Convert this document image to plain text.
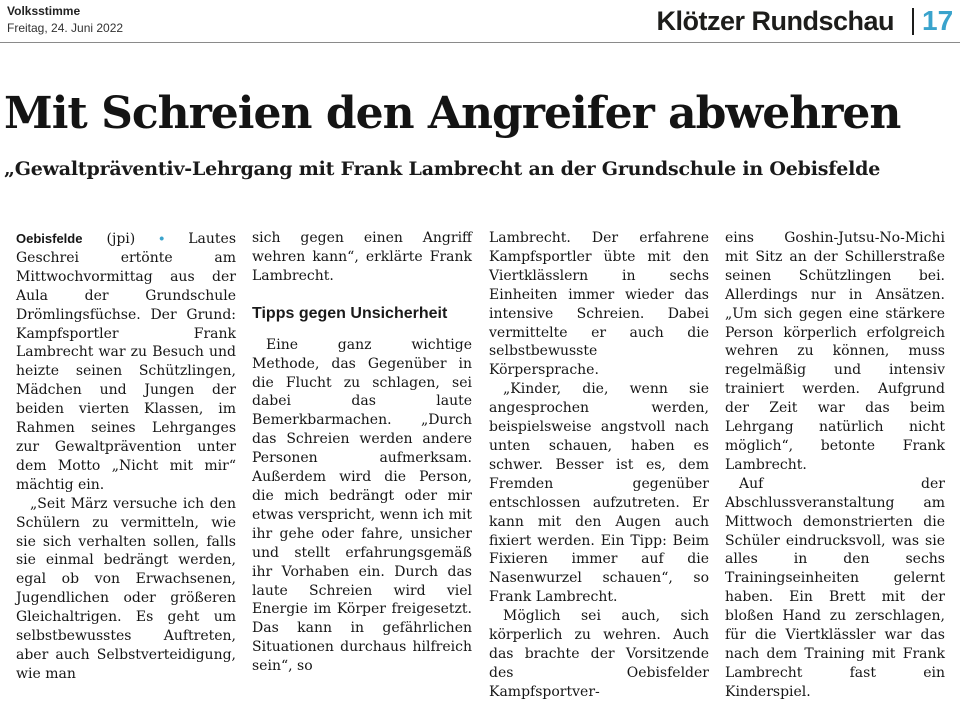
Volksstimme
Freitag, 24. Juni 2022	Klötzer Rundschau 17
Mit Schreien den Angreifer abwehren
„Gewaltpräventiv-Lehrgang mit Frank Lambrecht an der Grundschule in Oebisfelde

Oebisfelde (jpi) • Lautes Geschrei ertönte am Mittwochvormittag aus der Aula der Grundschule Drömlingsfüchse. Der Grund: Kampfsportler Frank Lambrecht war zu Besuch und heizte seinen Schützlingen, Mädchen und Jungen der beiden vierten Klassen, im Rahmen seines Lehrganges zur Gewaltprävention unter dem Motto „Nicht mit mir“ mächtig ein.

„Seit März versuche ich den Schülern zu vermitteln, wie sie sich verhalten sollen, falls sie einmal bedrängt werden, egal ob von Erwachsenen, Jugendlichen oder größeren Gleichaltrigen. Es geht um selbstbewusstes Auftreten, aber auch Selbstverteidigung, wie man

sich gegen einen Angriff wehren kann“, erklärte Frank Lambrecht.

Tipps gegen Unsicherheit

Eine ganz wichtige Methode, das Gegenüber in die Flucht zu schlagen, sei dabei das laute Bemerkbarmachen. „Durch das Schreien werden andere Personen aufmerksam. Außerdem wird die Person, die mich bedrängt oder mir etwas verspricht, wenn ich mit ihr gehe oder fahre, unsicher und stellt erfahrungsgemäß ihr Vorhaben ein. Durch das laute Schreien wird viel Energie im Körper freigesetzt. Das kann in gefährlichen Situationen durchaus hilfreich sein“, so

Lambrecht. Der erfahrene Kampfsportler übte mit den Viertklässlern in sechs Einheiten immer wieder das intensive Schreien. Dabei vermittelte er auch die selbstbewusste Körpersprache.

„Kinder, die, wenn sie angesprochen werden, beispielsweise angstvoll nach unten schauen, haben es schwer. Besser ist es, dem Fremden gegenüber entschlossen aufzutreten. Er kann mit den Augen auch fixiert werden. Ein Tipp: Beim Fixieren immer auf die Nasenwurzel schauen“, so Frank Lambrecht.

Möglich sei auch, sich körperlich zu wehren. Auch das brachte der Vorsitzende des Oebisfelder Kampfsportver-

eins Goshin-Jutsu-No-Michi mit Sitz an der Schillerstraße seinen Schützlingen bei. Allerdings nur in Ansätzen. „Um sich gegen eine stärkere Person körperlich erfolgreich wehren zu können, muss regelmäßig und intensiv trainiert werden. Aufgrund der Zeit war das beim Lehrgang natürlich nicht möglich“, betonte Frank Lambrecht.

Auf der Abschlussveranstaltung am Mittwoch demonstrierten die Schüler eindrucksvoll, was sie alles in den sechs Trainingseinheiten gelernt haben. Ein Brett mit der bloßen Hand zu zerschlagen, für die Viertklässler war das nach dem Training mit Frank Lambrecht fast ein Kinderspiel.
